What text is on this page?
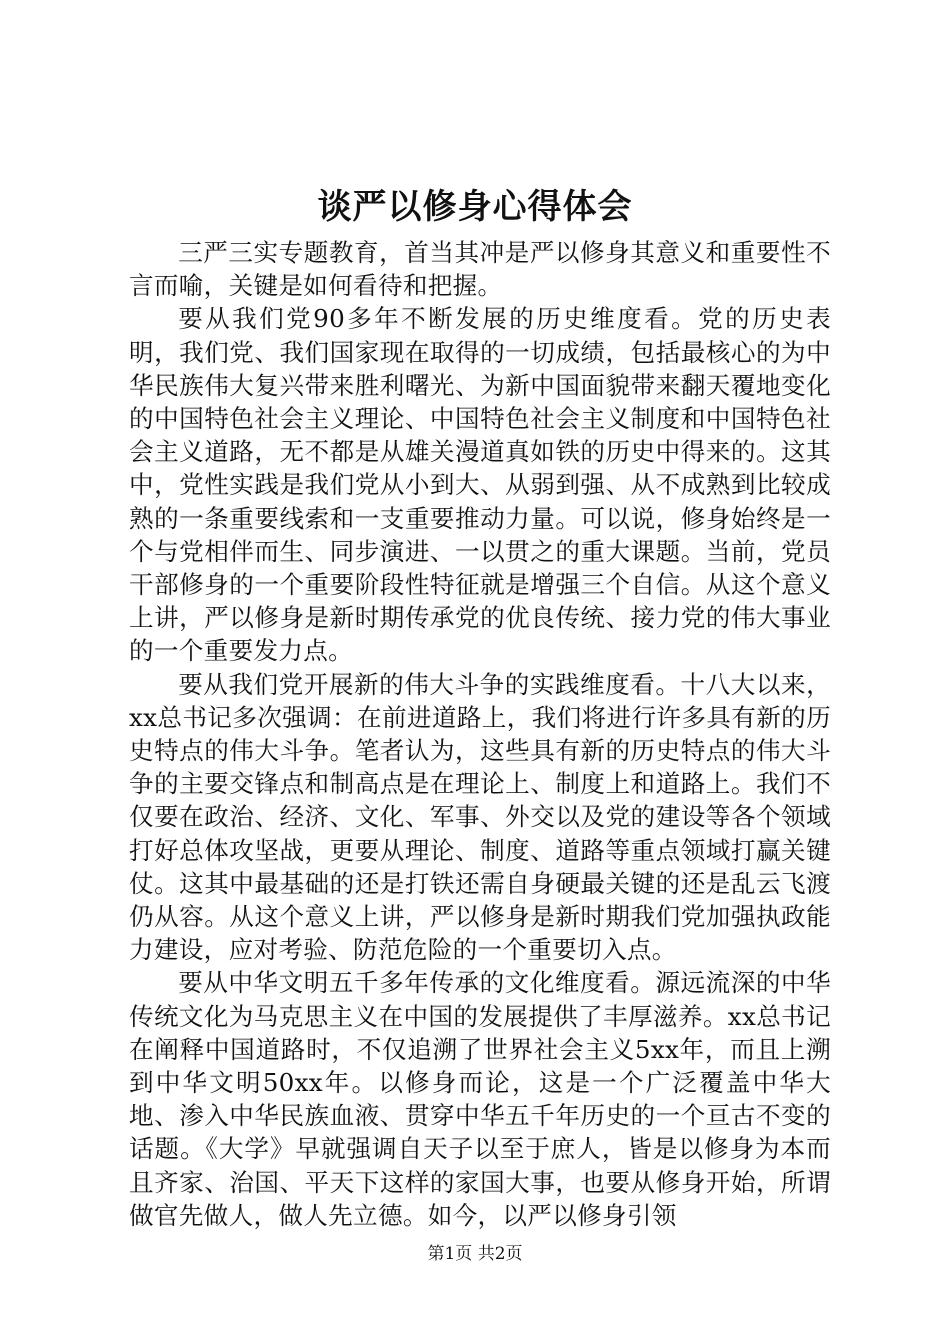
谈严以修身心得体会

三严三实专题教育，首当其冲是严以修身其意义和重要性不言而喻，关键是如何看待和把握。

要从我们党90多年不断发展的历史维度看。党的历史表明，我们党、我们国家现在取得的一切成绩，包括最核心的为中华民族伟大复兴带来胜利曙光、为新中国面貌带来翻天覆地变化的中国特色社会主义理论、中国特色社会主义制度和中国特色社会主义道路，无不都是从雄关漫道真如铁的历史中得来的。这其中，党性实践是我们党从小到大、从弱到强、从不成熟到比较成熟的一条重要线索和一支重要推动力量。可以说，修身始终是一个与党相伴而生、同步演进、一以贯之的重大课题。当前，党员干部修身的一个重要阶段性特征就是增强三个自信。从这个意义上讲，严以修身是新时期传承党的优良传统、接力党的伟大事业的一个重要发力点。

要从我们党开展新的伟大斗争的实践维度看。十八大以来，xx总书记多次强调：在前进道路上，我们将进行许多具有新的历史特点的伟大斗争。笔者认为，这些具有新的历史特点的伟大斗争的主要交锋点和制高点是在理论上、制度上和道路上。我们不仅要在政治、经济、文化、军事、外交以及党的建设等各个领域打好总体攻坚战，更要从理论、制度、道路等重点领域打赢关键仗。这其中最基础的还是打铁还需自身硬最关键的还是乱云飞渡仍从容。从这个意义上讲，严以修身是新时期我们党加强执政能力建设，应对考验、防范危险的一个重要切入点。

要从中华文明五千多年传承的文化维度看。源远流深的中华传统文化为马克思主义在中国的发展提供了丰厚滋养。xx总书记在阐释中国道路时，不仅追溯了世界社会主义5xx年，而且上溯到中华文明50xx年。以修身而论，这是一个广泛覆盖中华大地、渗入中华民族血液、贯穿中华五千年历史的一个亘古不变的话题。《大学》早就强调自天子以至于庶人，皆是以修身为本而且齐家、治国、平天下这样的家国大事，也要从修身开始，所谓做官先做人，做人先立德。如今，以严以修身引领

第1页 共2页
